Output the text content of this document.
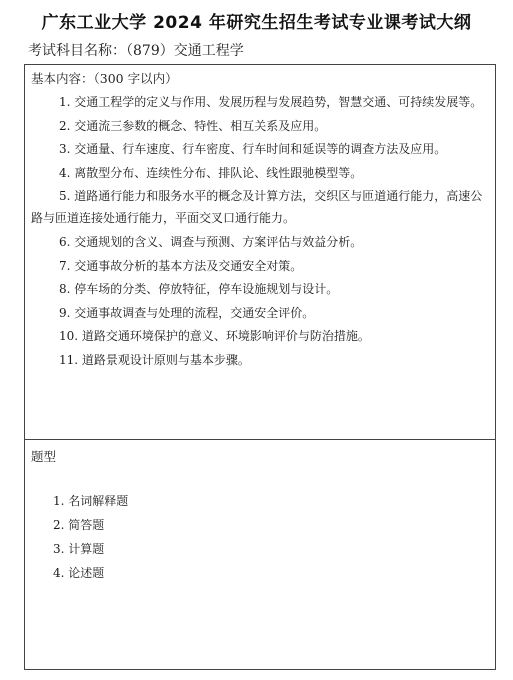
广东工业大学 2024 年研究生招生考试专业课考试大纲
考试科目名称：（879）交通工程学
基本内容：（300 字以内）
1. 交通工程学的定义与作用、发展历程与发展趋势，智慧交通、可持续发展等。
2. 交通流三参数的概念、特性、相互关系及应用。
3. 交通量、行车速度、行车密度、行车时间和延误等的调查方法及应用。
4. 离散型分布、连续性分布、排队论、线性跟驰模型等。
5. 道路通行能力和服务水平的概念及计算方法，交织区与匝道通行能力，高速公路与匝道连接处通行能力，平面交叉口通行能力。
6. 交通规划的含义、调查与预测、方案评估与效益分析。
7. 交通事故分析的基本方法及交通安全对策。
8. 停车场的分类、停放特征，停车设施规划与设计。
9. 交通事故调查与处理的流程，交通安全评价。
10. 道路交通环境保护的意义、环境影响评价与防治措施。
11. 道路景观设计原则与基本步骤。
题型
1. 名词解释题
2. 简答题
3. 计算题
4. 论述题
